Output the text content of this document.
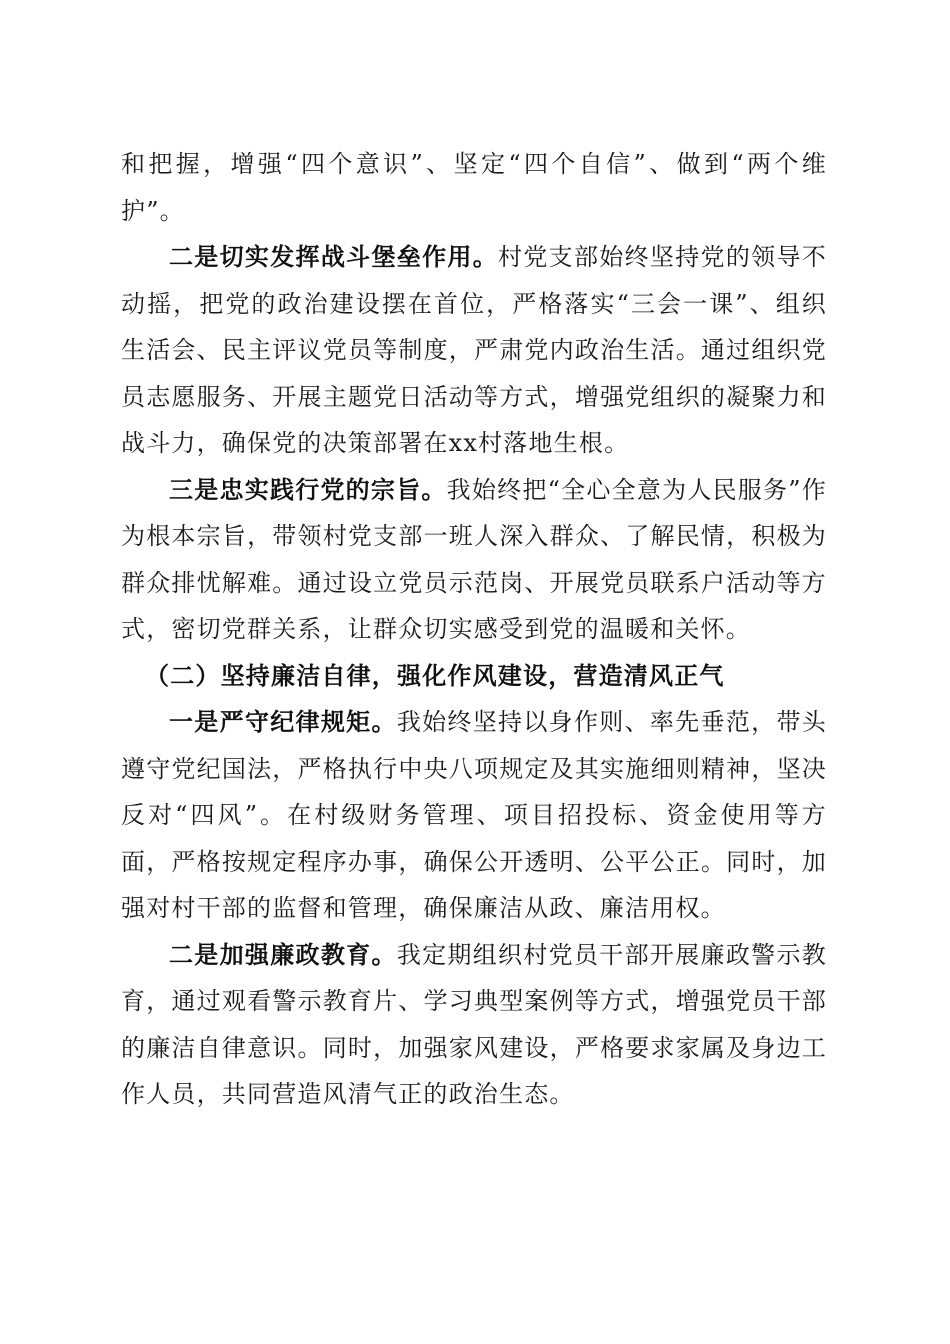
和把握，增强“四个意识”、坚定“四个自信”、做到“两个维护”。

二是切实发挥战斗堡垒作用。村党支部始终坚持党的领导不动摇，把党的政治建设摆在首位，严格落实“三会一课”、组织生活会、民主评议党员等制度，严肃党内政治生活。通过组织党员志愿服务、开展主题党日活动等方式，增强党组织的凝聚力和战斗力，确保党的决策部署在xx村落地生根。

三是忠实践行党的宗旨。我始终把“全心全意为人民服务”作为根本宗旨，带领村党支部一班人深入群众、了解民情，积极为群众排忧解难。通过设立党员示范岗、开展党员联系户活动等方式，密切党群关系，让群众切实感受到党的温暖和关怀。

（二）坚持廉洁自律，强化作风建设，营造清风正气

一是严守纪律规矩。我始终坚持以身作则、率先垂范，带头遵守党纪国法，严格执行中央八项规定及其实施细则精神，坚决反对“四风”。在村级财务管理、项目招投标、资金使用等方面，严格按规定程序办事，确保公开透明、公平公正。同时，加强对村干部的监督和管理，确保廉洁从政、廉洁用权。

二是加强廉政教育。我定期组织村党员干部开展廉政警示教育，通过观看警示教育片、学习典型案例等方式，增强党员干部的廉洁自律意识。同时，加强家风建设，严格要求家属及身边工作人员，共同营造风清气正的政治生态。
